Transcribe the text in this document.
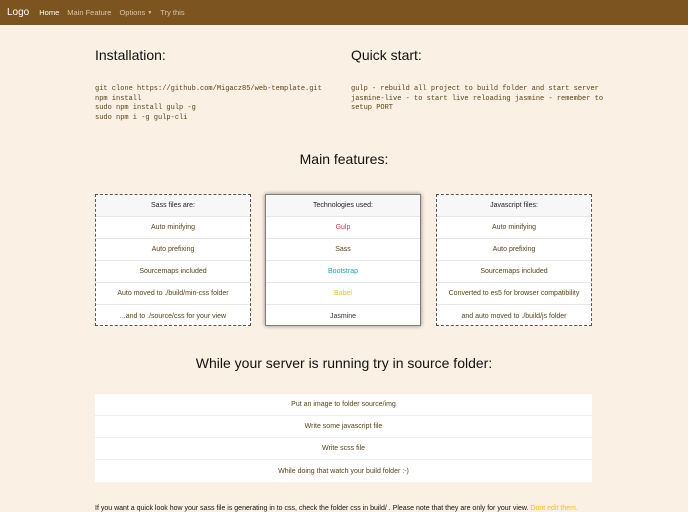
Logo Home Main Feature Options ▼ Try this
Installation:
git clone https://github.com/Migacz85/web-template.git
npm install
sudo npm install gulp -g
sudo npm i -g gulp-cli
Quick start:
gulp - rebuild all project to build folder and start server
jasmine-live - to start live reloading jasmine - remember to
setup PORT
Main features:
Sass files are:
Auto minifying
Auto prefixing
Sourcemaps included
Auto moved to ./build/min-css folder
...and to ./source/css for your view
Technologies used:
Gulp
Sass
Bootstrap
Babel
Jasmine
Javascript files:
Auto minifying
Auto prefixing
Sourcemaps included
Converted to es5 for browser compatibility
and auto moved to ./build/js folder
While your server is running try in source folder:
Put an image to folder source/img
Write some javascript file
Write scss file
While doing that watch your build folder :-)
If you want a quick look how your sass file is generating in to css, check the folder css in build/ . Please note that they are only for your view. Dont edit them.
